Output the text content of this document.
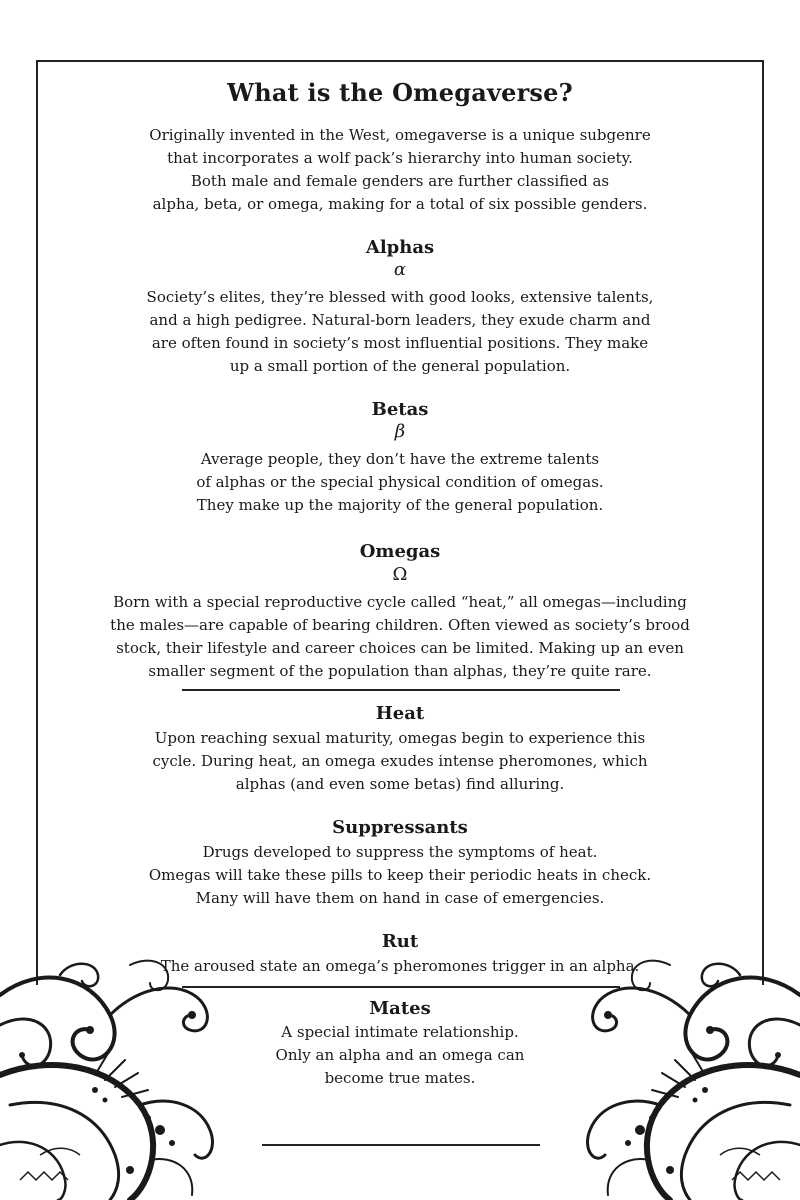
What is the Omegaverse?
Originally invented in the West, omegaverse is a unique subgenre
that incorporates a wolf pack’s hierarchy into human society.
Both male and female genders are further classified as
alpha, beta, or omega, making for a total of six possible genders.
Alphas
α
Society’s elites, they’re blessed with good looks, extensive talents,
and a high pedigree. Natural-born leaders, they exude charm and
are often found in society’s most influential positions. They make
up a small portion of the general population.
Betas
β
Average people, they don’t have the extreme talents
of alphas or the special physical condition of omegas.
They make up the majority of the general population.
Omegas
Ω
Born with a special reproductive cycle called “heat,” all omegas—including
the males—are capable of bearing children. Often viewed as society’s brood
stock, their lifestyle and career choices can be limited. Making up an even
smaller segment of the population than alphas, they’re quite rare.
Heat
Upon reaching sexual maturity, omegas begin to experience this
cycle. During heat, an omega exudes intense pheromones, which
alphas (and even some betas) find alluring.
Suppressants
Drugs developed to suppress the symptoms of heat.
Omegas will take these pills to keep their periodic heats in check.
Many will have them on hand in case of emergencies.
Rut
The aroused state an omega’s pheromones trigger in an alpha.
Mates
A special intimate relationship.
Only an alpha and an omega can
become true mates.
